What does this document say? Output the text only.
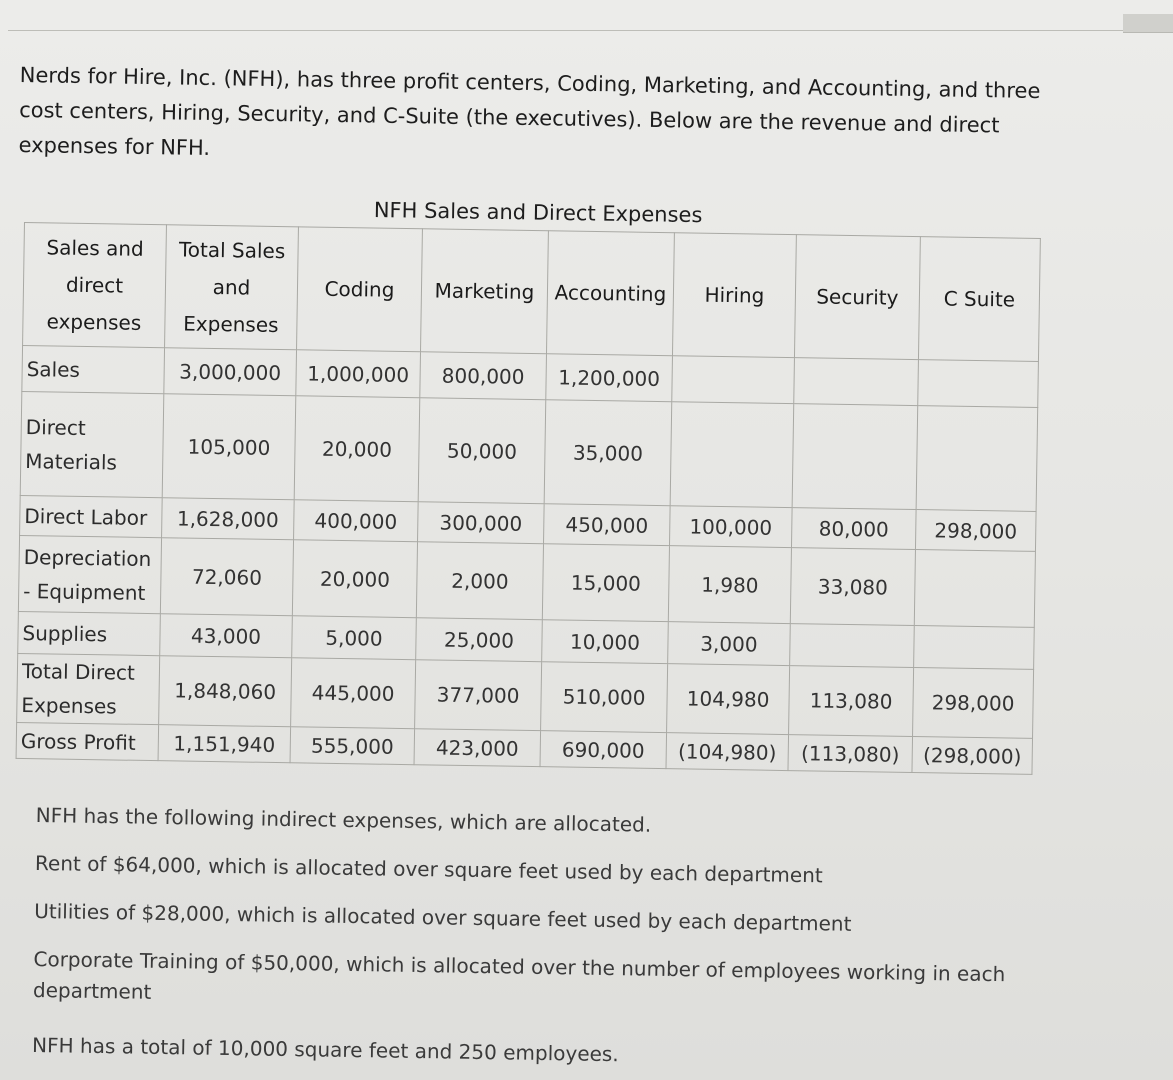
Nerds for Hire, Inc. (NFH), has three profit centers, Coding, Marketing, and Accounting, and three cost centers, Hiring, Security, and C-Suite (the executives). Below are the revenue and direct expenses for NFH.
NFH Sales and Direct Expenses
Sales and direct expenses	Total Sales and Expenses	Coding	Marketing	Accounting	Hiring	Security	C Suite
Sales	3,000,000	1,000,000	800,000	1,200,000			
Direct Materials	105,000	20,000	50,000	35,000			
Direct Labor	1,628,000	400,000	300,000	450,000	100,000	80,000	298,000
Depreciation - Equipment	72,060	20,000	2,000	15,000	1,980	33,080	
Supplies	43,000	5,000	25,000	10,000	3,000		
Total Direct Expenses	1,848,060	445,000	377,000	510,000	104,980	113,080	298,000
Gross Profit	1,151,940	555,000	423,000	690,000	(104,980)	(113,080)	(298,000)

NFH has the following indirect expenses, which are allocated.

Rent of $64,000, which is allocated over square feet used by each department

Utilities of $28,000, which is allocated over square feet used by each department

Corporate Training of $50,000, which is allocated over the number of employees working in each department

NFH has a total of 10,000 square feet and 250 employees.
